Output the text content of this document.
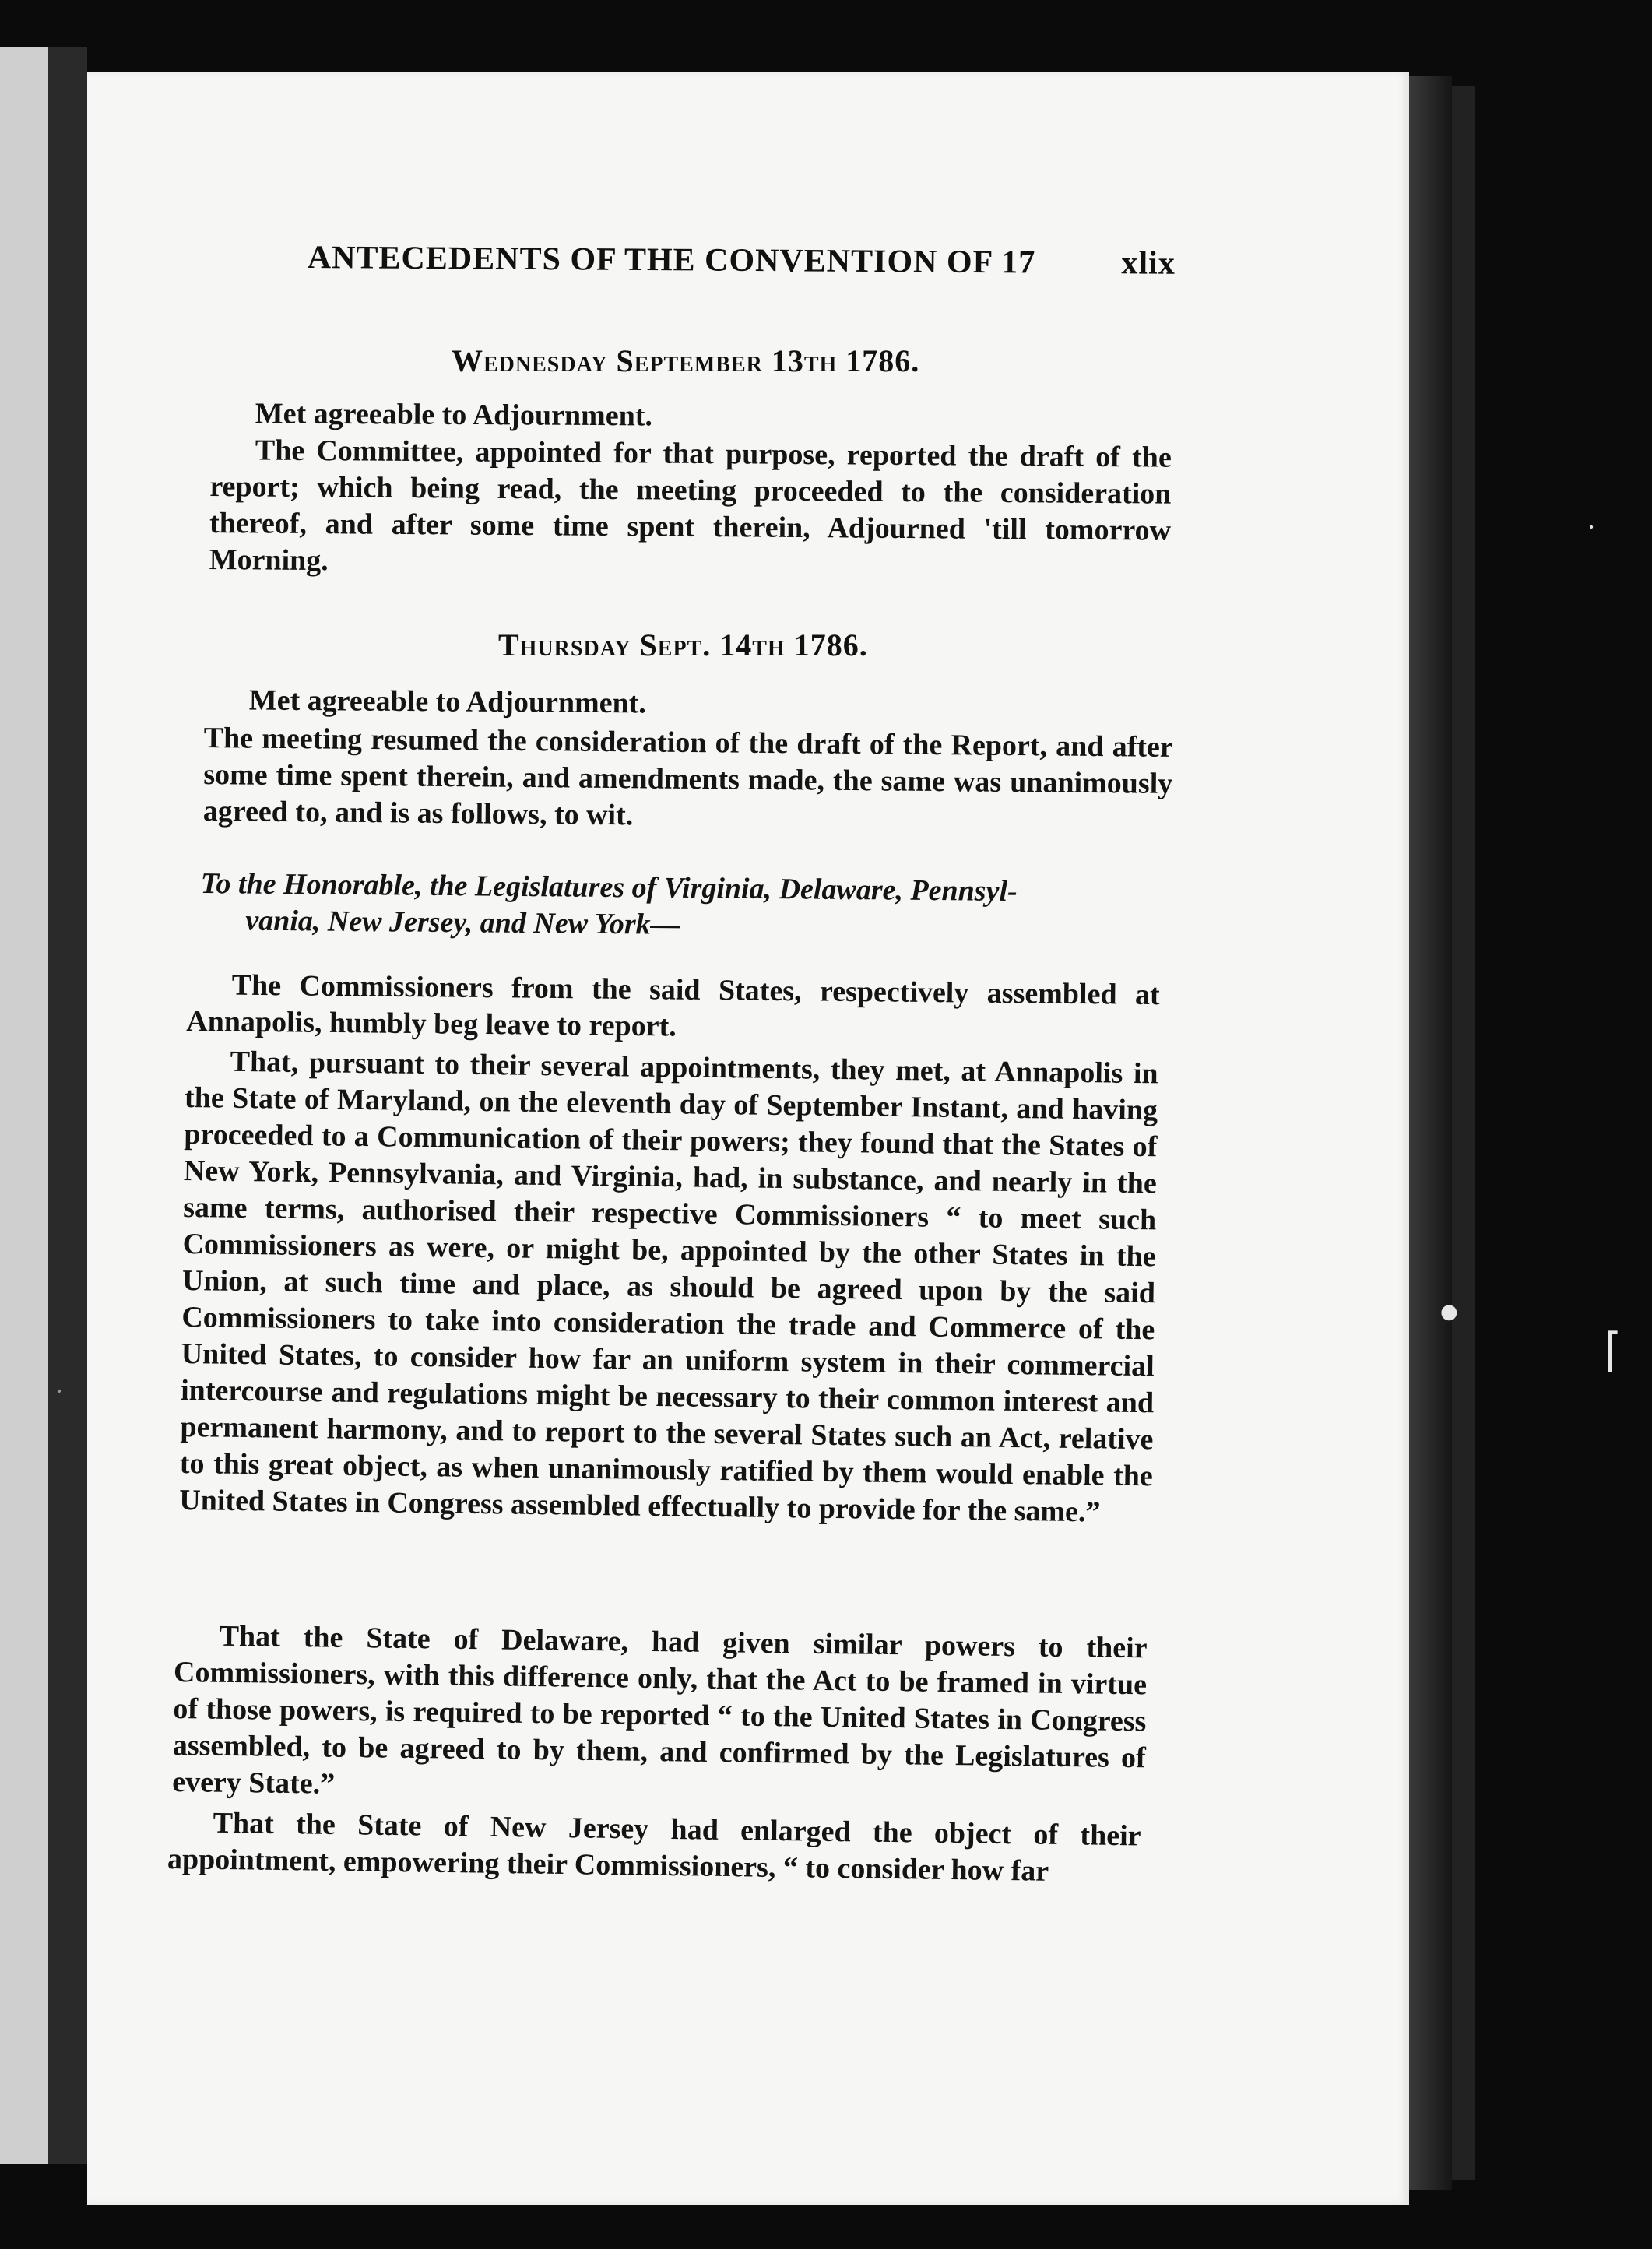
ANTECEDENTS OF THE CONVENTION OF 17	xlix
Wednesday September 13th 1786.
Met agreeable to Adjournment.
The Committee, appointed for that purpose, reported the draft of the report; which being read, the meeting proceeded to the consideration thereof, and after some time spent therein, Adjourned 'till tomorrow Morning.
Thursday Sept. 14th 1786.
Met agreeable to Adjournment.
The meeting resumed the consideration of the draft of the Report, and after some time spent therein, and amendments made, the same was unanimously agreed to, and is as follows, to wit.
To the Honorable, the Legislatures of Virginia, Delaware, Pennsyl-
vania, New Jersey, and New York—
The Commissioners from the said States, respectively assembled at Annapolis, humbly beg leave to report.
That, pursuant to their several appointments, they met, at Annapolis in the State of Maryland, on the eleventh day of September Instant, and having proceeded to a Communication of their powers; they found that the States of New York, Pennsylvania, and Virginia, had, in substance, and nearly in the same terms, authorised their respective Commissioners “ to meet such Commissioners as were, or might be, appointed by the other States in the Union, at such time and place, as should be agreed upon by the said Commissioners to take into consideration the trade and Commerce of the United States, to consider how far an uniform system in their commercial intercourse and regulations might be necessary to their common interest and permanent harmony, and to report to the several States such an Act, relative to this great object, as when unanimously ratified by them would enable the United States in Congress assembled effectually to provide for the same.”
That the State of Delaware, had given similar powers to their Commissioners, with this difference only, that the Act to be framed in virtue of those powers, is required to be reported “ to the United States in Congress assembled, to be agreed to by them, and confirmed by the Legislatures of every State.”
That the State of New Jersey had enlarged the object of their appointment, empowering their Commissioners, “ to consider how far
●
⌈
•
•
